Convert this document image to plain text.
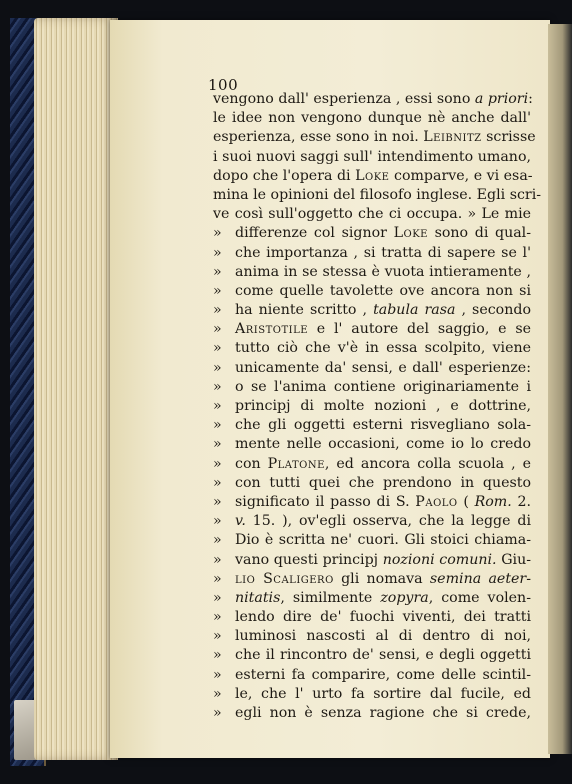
100
vengono dall' esperienza , essi sono a priori:
le idee non vengono dunque nè anche dall'
esperienza, esse sono in noi. Leibnitz scrisse
i suoi nuovi saggi sull' intendimento umano,
dopo che l'opera di Loke comparve, e vi esa-
mina le opinioni del filosofo inglese. Egli scri-
ve così sull'oggetto che ci occupa. » Le mie
» differenze col signor Loke sono di qual-
» che importanza , si tratta di sapere se l'
» anima in se stessa è vuota intieramente ,
» come quelle tavolette ove ancora non si
» ha niente scritto , tabula rasa , secondo
» Aristotile e l' autore del saggio, e se
» tutto ciò che v'è in essa scolpito, viene
» unicamente da' sensi, e dall' esperienze:
» o se l'anima contiene originariamente i
» principj di molte nozioni , e dottrine,
» che gli oggetti esterni risvegliano sola-
» mente nelle occasioni, come io lo credo
» con Platone, ed ancora colla scuola , e
» con tutti quei che prendono in questo
» significato il passo di S. Paolo ( Rom. 2.
» v. 15. ), ov'egli osserva, che la legge di
» Dio è scritta ne' cuori. Gli stoici chiama-
» vano questi principj nozioni comuni. Giu-
» lio Scaligero gli nomava semina aeter-
» nitatis, similmente zopyra, come volen-
» lendo dire de' fuochi viventi, dei tratti
» luminosi nascosti al di dentro di noi,
» che il rincontro de' sensi, e degli oggetti
» esterni fa comparire, come delle scintil-
» le, che l' urto fa sortire dal fucile, ed
» egli non è senza ragione che si crede,
